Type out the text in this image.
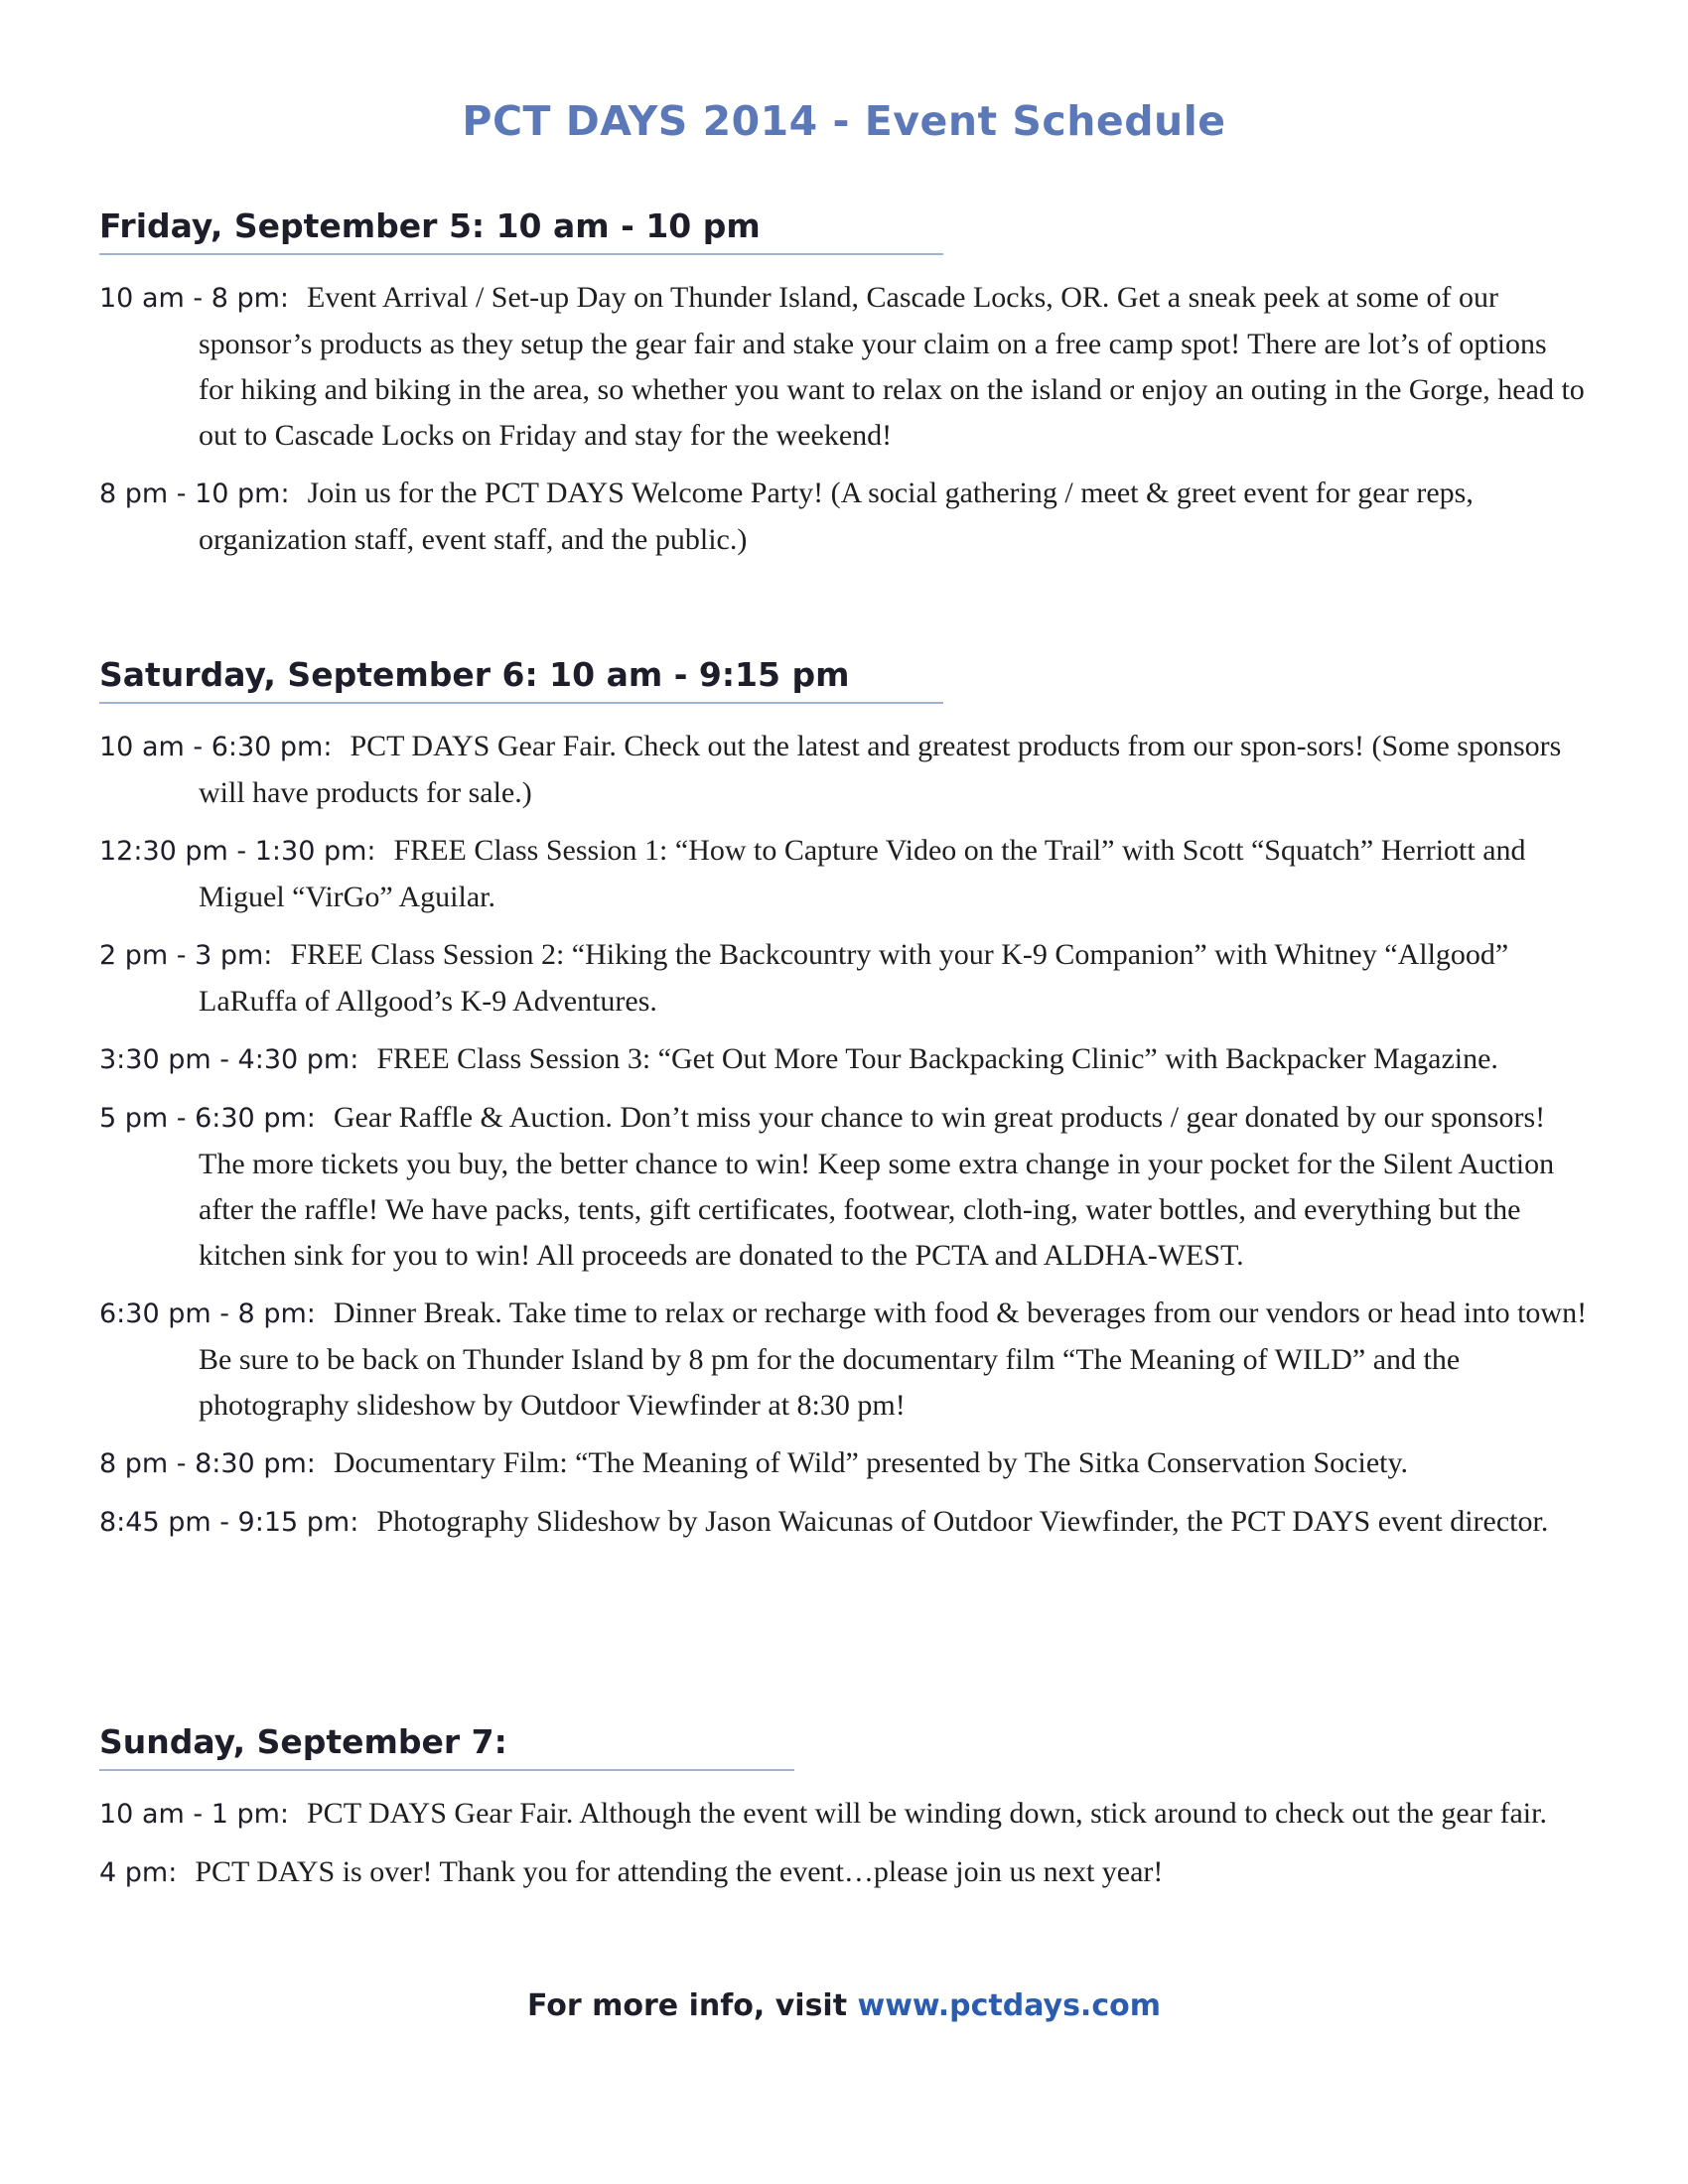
PCT DAYS 2014 - Event Schedule
Friday, September 5: 10 am - 10 pm

10 am - 8 pm: Event Arrival / Set-up Day on Thunder Island, Cascade Locks, OR. Get a sneak peek at some of our sponsor’s products as they setup the gear fair and stake your claim on a free camp spot! There are lot’s of options for hiking and biking in the area, so whether you want to relax on the island or enjoy an outing in the Gorge, head to out to Cascade Locks on Friday and stay for the weekend!

8 pm - 10 pm: Join us for the PCT DAYS Welcome Party! (A social gathering / meet & greet event for gear reps, organization staff, event staff, and the public.)

Saturday, September 6: 10 am - 9:15 pm

10 am - 6:30 pm: PCT DAYS Gear Fair. Check out the latest and greatest products from our spon-sors! (Some sponsors will have products for sale.)

12:30 pm - 1:30 pm: FREE Class Session 1: “How to Capture Video on the Trail” with Scott “Squatch” Herriott and Miguel “VirGo” Aguilar.

2 pm - 3 pm: FREE Class Session 2: “Hiking the Backcountry with your K-9 Companion” with Whitney “Allgood” LaRuffa of Allgood’s K-9 Adventures.

3:30 pm - 4:30 pm: FREE Class Session 3: “Get Out More Tour Backpacking Clinic” with Backpacker Magazine.

5 pm - 6:30 pm: Gear Raffle & Auction. Don’t miss your chance to win great products / gear donated by our sponsors! The more tickets you buy, the better chance to win! Keep some extra change in your pocket for the Silent Auction after the raffle! We have packs, tents, gift certificates, footwear, cloth-ing, water bottles, and everything but the kitchen sink for you to win! All proceeds are donated to the PCTA and ALDHA-WEST.

6:30 pm - 8 pm: Dinner Break. Take time to relax or recharge with food & beverages from our vendors or head into town! Be sure to be back on Thunder Island by 8 pm for the documentary film “The Meaning of WILD” and the photography slideshow by Outdoor Viewfinder at 8:30 pm!

8 pm - 8:30 pm: Documentary Film: “The Meaning of Wild” presented by The Sitka Conservation Society.

8:45 pm - 9:15 pm: Photography Slideshow by Jason Waicunas of Outdoor Viewfinder, the PCT DAYS event director.

Sunday, September 7:

10 am - 1 pm: PCT DAYS Gear Fair. Although the event will be winding down, stick around to check out the gear fair.

4 pm: PCT DAYS is over! Thank you for attending the event…please join us next year!

For more info, visit www.pctdays.com
